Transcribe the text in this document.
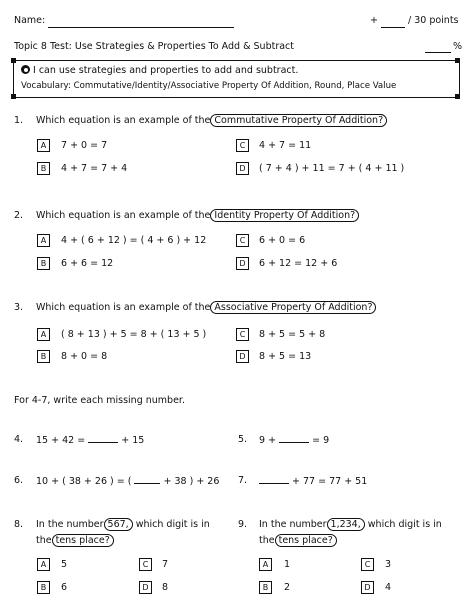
Name:	+	/ 30 points
Topic 8 Test: Use Strategies & Properties To Add & Subtract	%
I can use strategies and properties to add and subtract.
Vocabulary: Commutative/Identity/Associative Property Of Addition, Round, Place Value
1. Which equation is an example of the Commutative Property Of Addition?
A	7 + 0 = 7	C	4 + 7 = 11
B	4 + 7 = 7 + 4	D	( 7 + 4 ) + 11 = 7 + ( 4 + 11 )
2. Which equation is an example of the Identity Property Of Addition?
A	4 + ( 6 + 12 ) = ( 4 + 6 ) + 12	C	6 + 0 = 6
B	6 + 6 = 12	D	6 + 12 = 12 + 6
3. Which equation is an example of the Associative Property Of Addition?
A	( 8 + 13 ) + 5 = 8 + ( 13 + 5 )	C	8 + 5 = 5 + 8
B	8 + 0 = 8	D	8 + 5 = 13
For 4-7, write each missing number.
4. 15 + 42 =	+ 15	5. 9 +	= 9
6. 10 + ( 38 + 26 ) = (	+ 38 ) + 26 7.	+ 77 = 77 + 51
8. In the number 567, which digit is in
the tens place?
A	5	C	7
B	6	D	8
9. In the number 1,234, which digit is in
the tens place?
A	1	C	3
B	2	D	4
